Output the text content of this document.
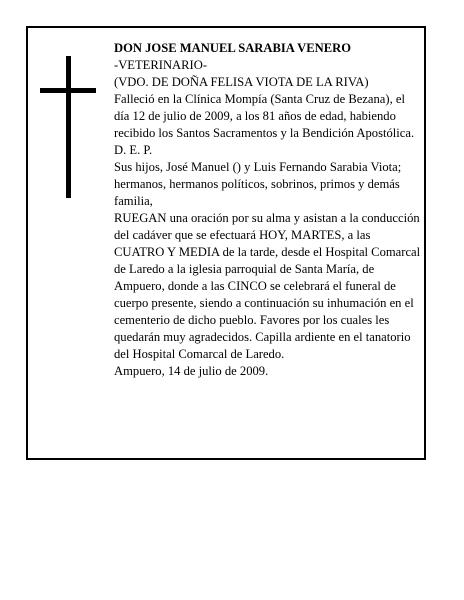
DON JOSE MANUEL SARABIA VENERO

-VETERINARIO-

(VDO. DE DOÑA FELISA VIOTA DE LA RIVA)

Falleció en la Clínica Mompía (Santa Cruz de Bezana), el día 12 de julio de 2009, a los 81 años de edad, habiendo recibido los Santos Sacramentos y la Bendición Apostólica.

D. E. P.

Sus hijos, José Manuel () y Luis Fernando Sarabia Viota; hermanos, hermanos políticos, sobrinos, primos y demás familia,

RUEGAN una oración por su alma y asistan a la conducción del cadáver que se efectuará HOY, MARTES, a las CUATRO Y MEDIA de la tarde, desde el Hospital Comarcal de Laredo a la iglesia parroquial de Santa María, de Ampuero, donde a las CINCO se celebrará el funeral de cuerpo presente, siendo a continuación su inhumación en el cementerio de dicho pueblo. Favores por los cuales les quedarán muy agradecidos. Capilla ardiente en el tanatorio del Hospital Comarcal de Laredo.

Ampuero, 14 de julio de 2009.
